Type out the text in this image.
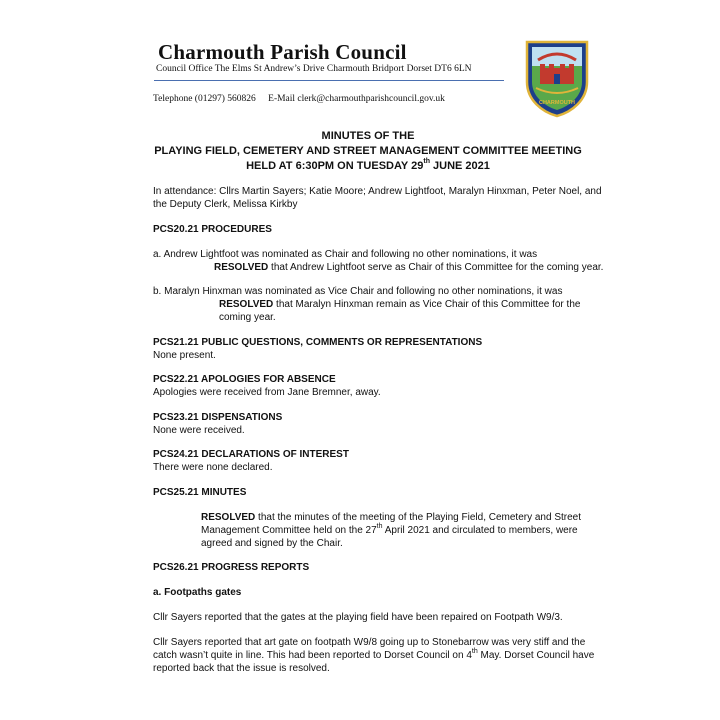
Charmouth Parish Council
Council Office The Elms St Andrew’s Drive Charmouth Bridport Dorset DT6 6LN
Telephone (01297) 560826 E-Mail clerk@charmouthparishcouncil.gov.uk	CHARMOUTH
MINUTES OF THE
PLAYING FIELD, CEMETERY AND STREET MANAGEMENT COMMITTEE MEETING
HELD AT 6:30PM ON TUESDAY 29th JUNE 2021
In attendance: Cllrs Martin Sayers; Katie Moore; Andrew Lightfoot, Maralyn Hinxman, Peter Noel, and
the Deputy Clerk, Melissa Kirkby
PCS20.21 PROCEDURES
a. Andrew Lightfoot was nominated as Chair and following no other nominations, it was
RESOLVED that Andrew Lightfoot serve as Chair of this Committee for the coming year.
b. Maralyn Hinxman was nominated as Vice Chair and following no other nominations, it was
RESOLVED that Maralyn Hinxman remain as Vice Chair of this Committee for the
coming year.
PCS21.21 PUBLIC QUESTIONS, COMMENTS OR REPRESENTATIONS
None present.
PCS22.21 APOLOGIES FOR ABSENCE
Apologies were received from Jane Bremner, away.
PCS23.21 DISPENSATIONS
None were received.
PCS24.21 DECLARATIONS OF INTEREST
There were none declared.
PCS25.21 MINUTES
RESOLVED that the minutes of the meeting of the Playing Field, Cemetery and Street
Management Committee held on the 27th April 2021 and circulated to members, were
agreed and signed by the Chair.
PCS26.21 PROGRESS REPORTS
a. Footpaths gates
Cllr Sayers reported that the gates at the playing field have been repaired on Footpath W9/3.
Cllr Sayers reported that art gate on footpath W9/8 going up to Stonebarrow was very stiff and the
catch wasn’t quite in line. This had been reported to Dorset Council on 4th May. Dorset Council have
reported back that the issue is resolved.
